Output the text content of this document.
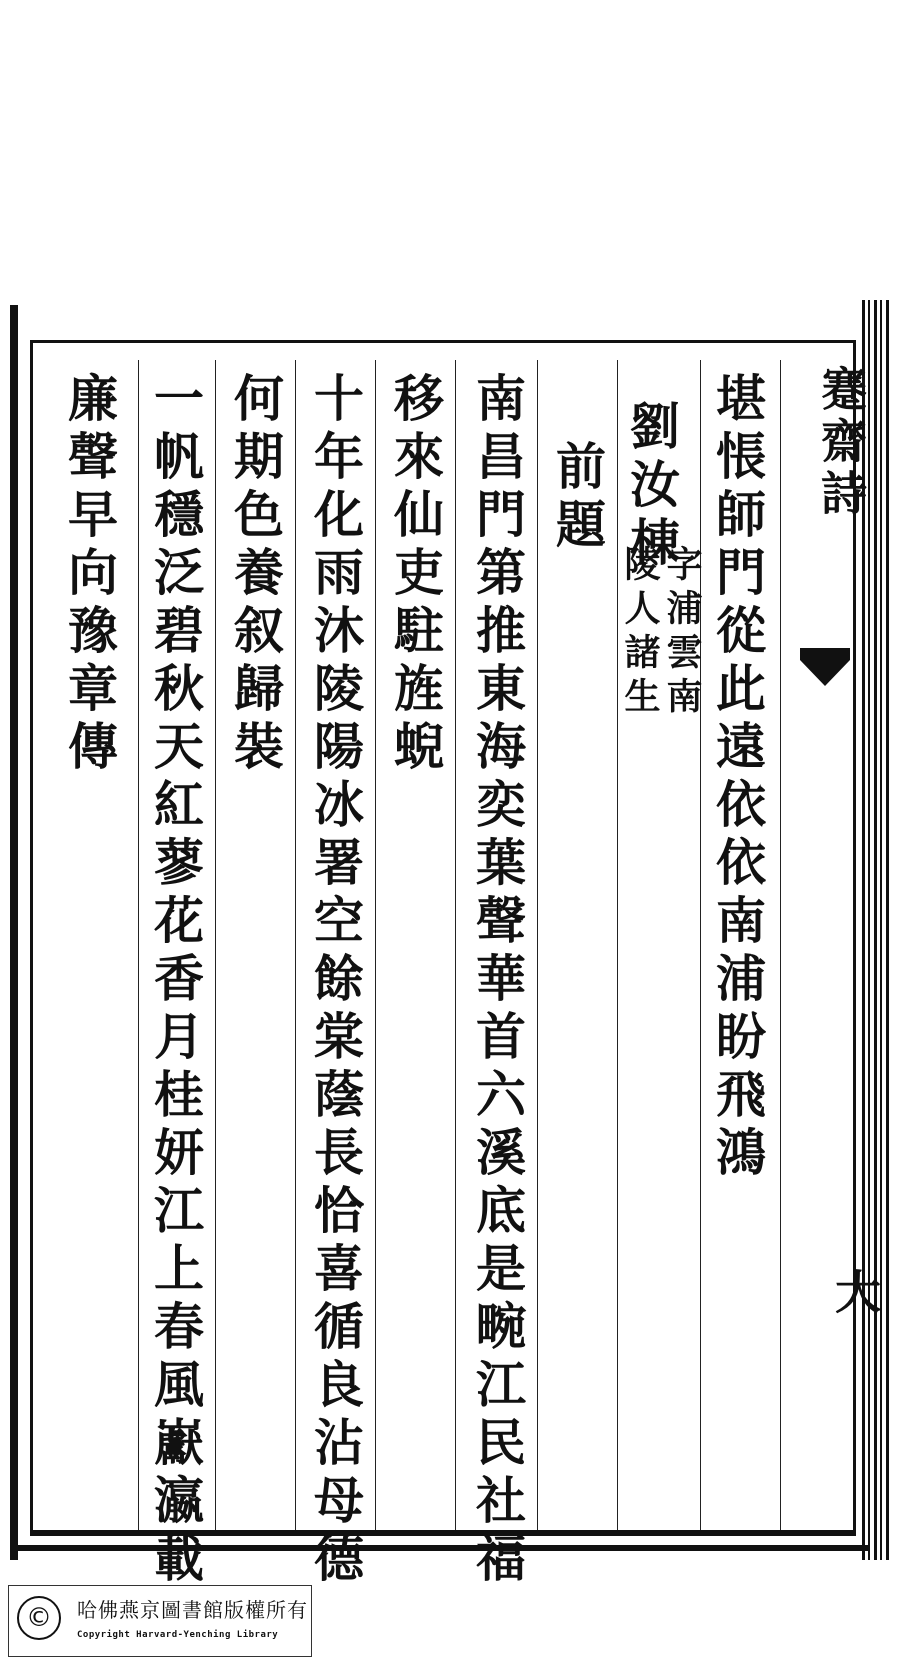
蹇齋詩
大
堪悵師門從此遠依依南浦盼飛鴻
劉汝棟
字浦雲南
陵人諸生
前題
南昌門第推東海奕葉聲華首六溪底是畹江民社福
移來仙吏駐旌蜺
十年化雨沐陵陽冰署空餘棠蔭長恰喜循良沾母德
何期色養叙歸裝
一帆穩泛碧秋天紅蓼花香月桂妍江上春風巚瀛載
廉聲早向豫章傳
©	哈佛燕京圖書館版權所有
Copyright Harvard-Yenching Library
